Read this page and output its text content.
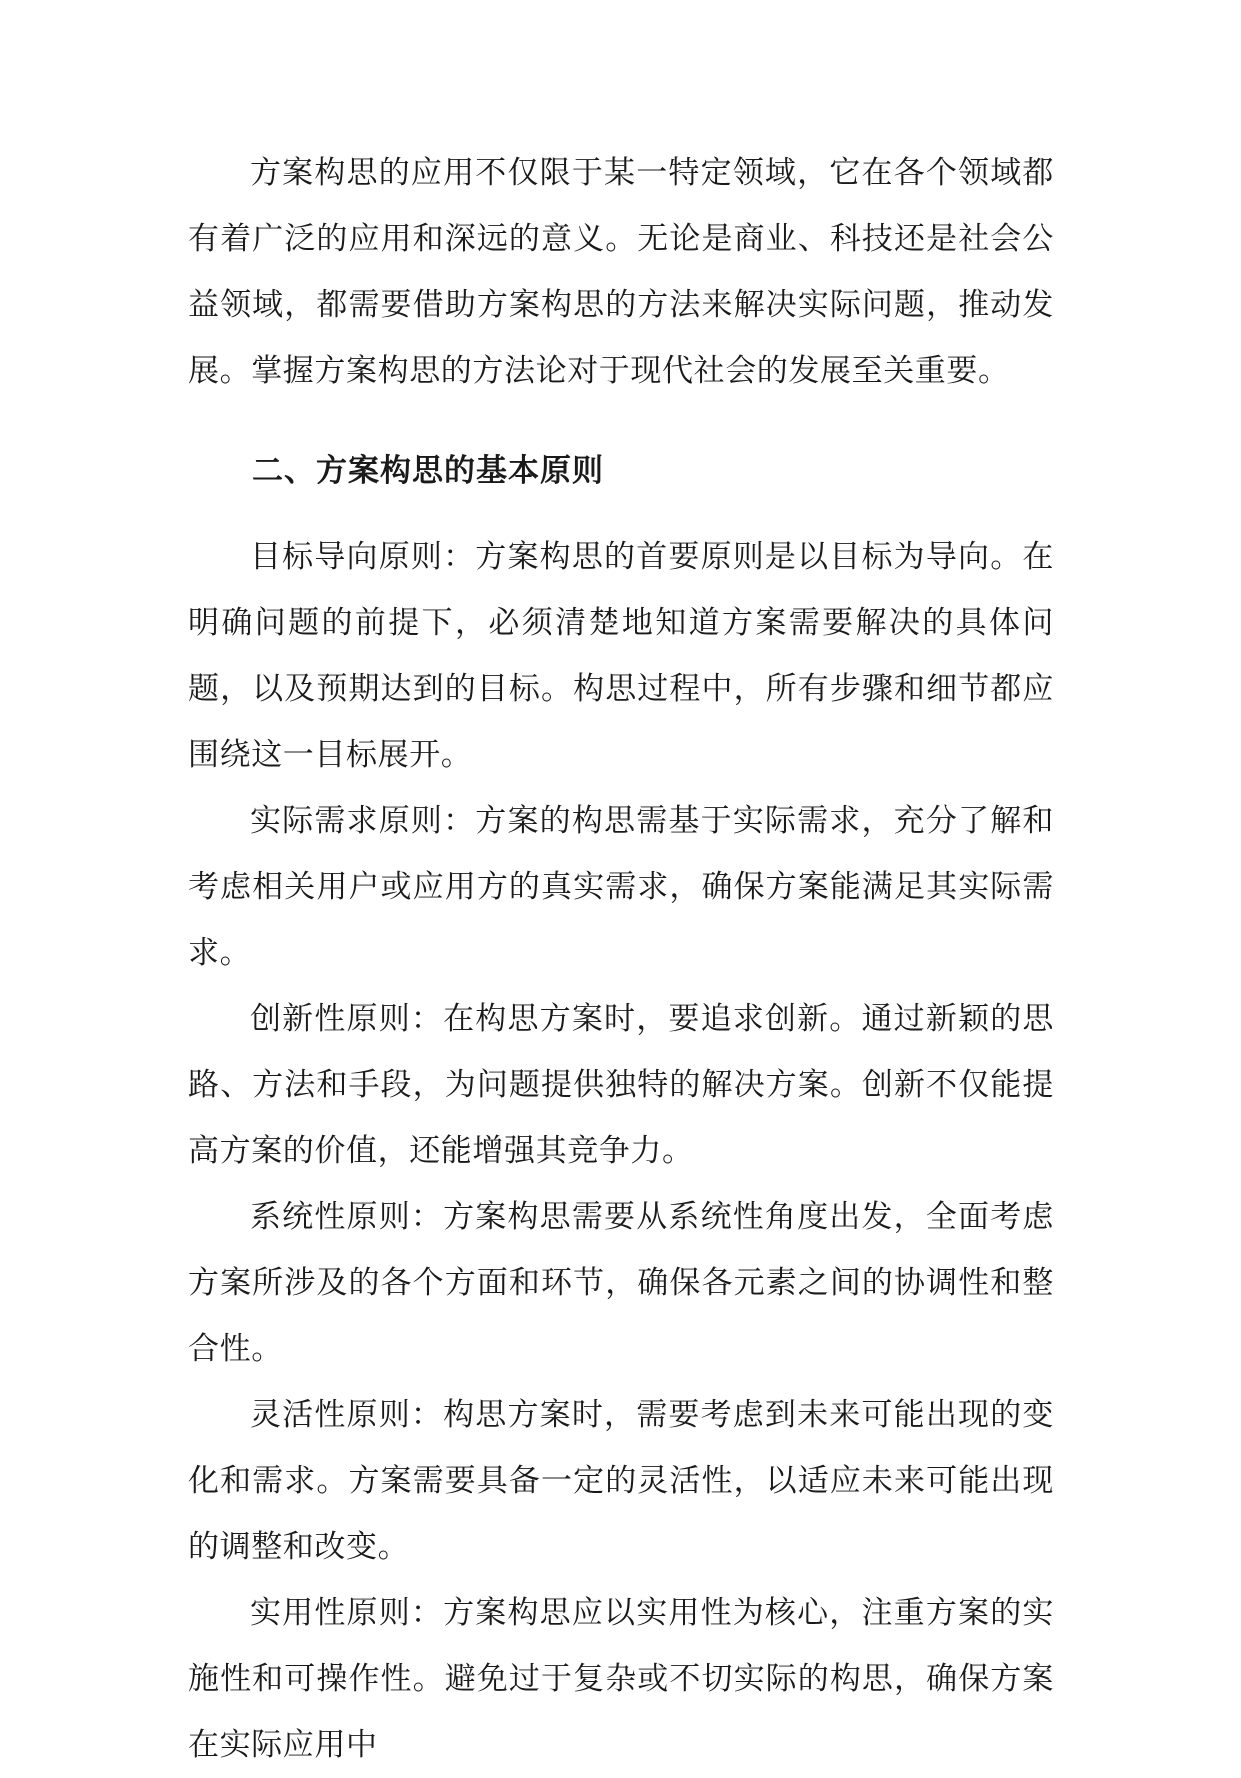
方案构思的应用不仅限于某一特定领域，它在各个领域都有着广泛的应用和深远的意义。无论是商业、科技还是社会公益领域，都需要借助方案构思的方法来解决实际问题，推动发展。掌握方案构思的方法论对于现代社会的发展至关重要。

二、方案构思的基本原则

目标导向原则：方案构思的首要原则是以目标为导向。在明确问题的前提下，必须清楚地知道方案需要解决的具体问题，以及预期达到的目标。构思过程中，所有步骤和细节都应围绕这一目标展开。

实际需求原则：方案的构思需基于实际需求，充分了解和考虑相关用户或应用方的真实需求，确保方案能满足其实际需求。

创新性原则：在构思方案时，要追求创新。通过新颖的思路、方法和手段，为问题提供独特的解决方案。创新不仅能提高方案的价值，还能增强其竞争力。

系统性原则：方案构思需要从系统性角度出发，全面考虑方案所涉及的各个方面和环节，确保各元素之间的协调性和整合性。

灵活性原则：构思方案时，需要考虑到未来可能出现的变化和需求。方案需要具备一定的灵活性，以适应未来可能出现的调整和改变。

实用性原则：方案构思应以实用性为核心，注重方案的实施性和可操作性。避免过于复杂或不切实际的构思，确保方案在实际应用中
